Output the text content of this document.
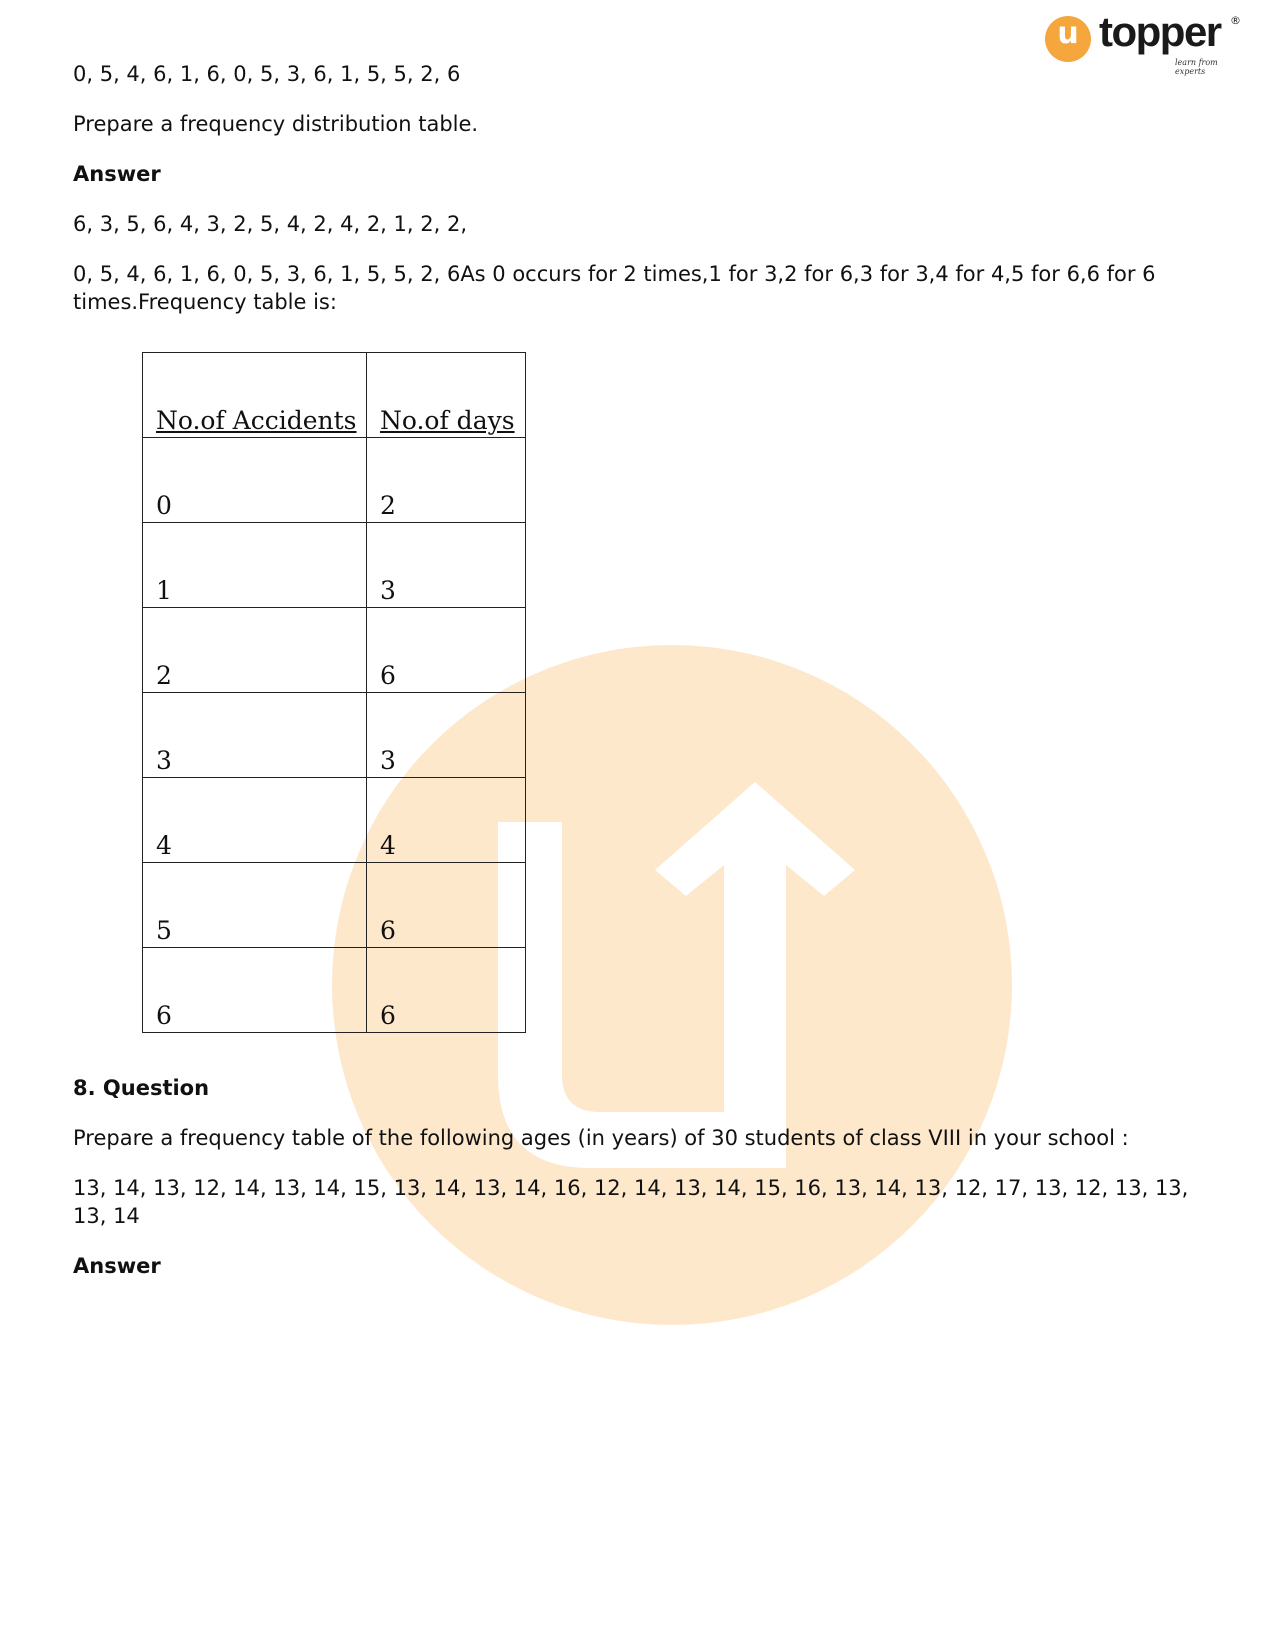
u topper ®
learn from experts

0, 5, 4, 6, 1, 6, 0, 5, 3, 6, 1, 5, 5, 2, 6

Prepare a frequency distribution table.

Answer

6, 3, 5, 6, 4, 3, 2, 5, 4, 2, 4, 2, 1, 2, 2,

0, 5, 4, 6, 1, 6, 0, 5, 3, 6, 1, 5, 5, 2, 6As 0 occurs for 2 times,1 for 3,2 for 6,3 for 3,4 for 4,5 for 6,6 for 6 times.Frequency table is:

8. Question

Prepare a frequency table of the following ages (in years) of 30 students of class VIII in your school :

13, 14, 13, 12, 14, 13, 14, 15, 13, 14, 13, 14, 16, 12, 14, 13, 14, 15, 16, 13, 14, 13, 12, 17, 13, 12, 13, 13, 13, 14

Answer

No.of Accidents	No.of days
0	2
1	3
2	6
3	3
4	4
5	6
6	6
